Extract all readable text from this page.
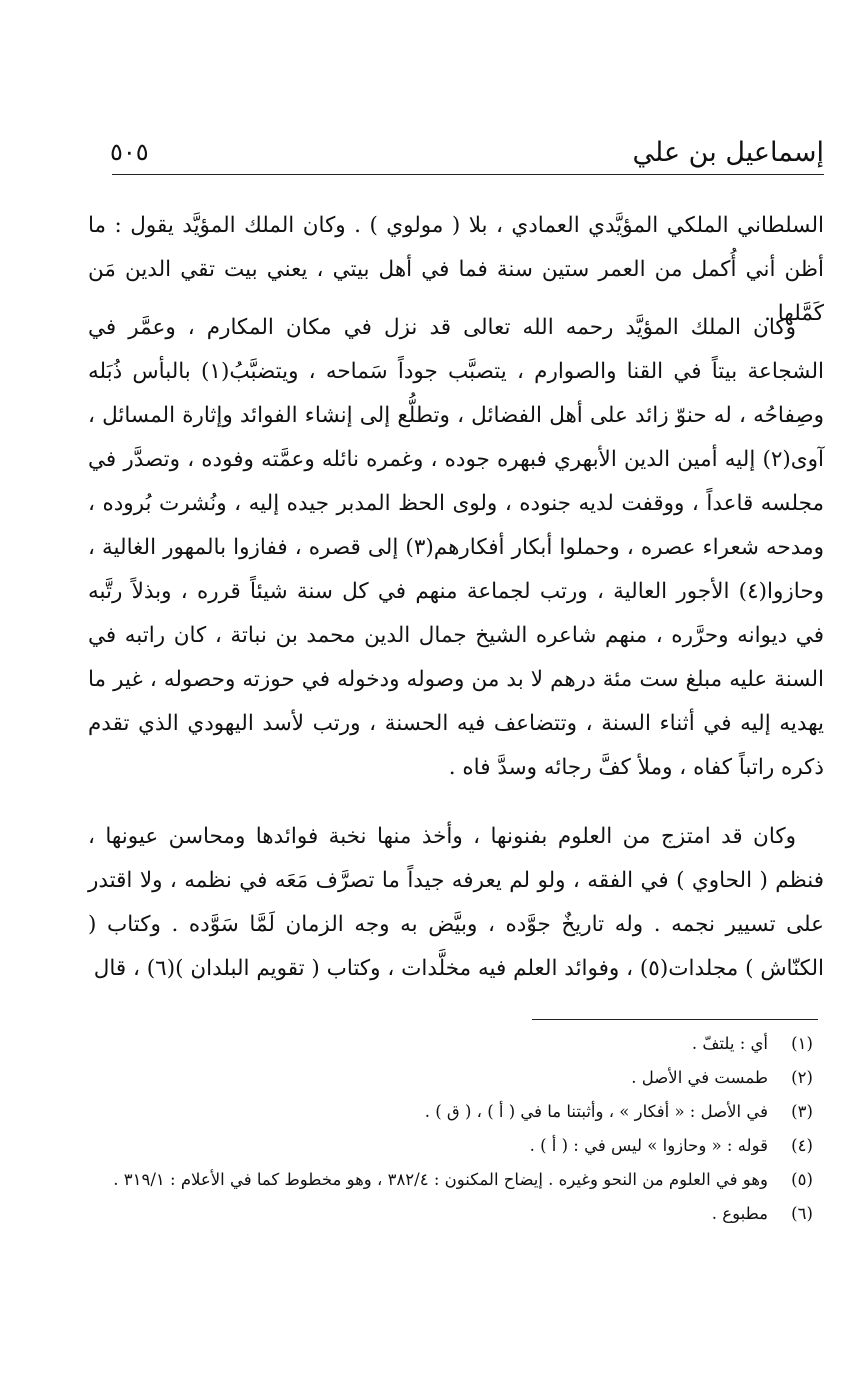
إسماعيل بن علي
٥٠٥

السلطاني الملكي المؤيَّدي العمادي ، بلا ( مولوي ) . وكان الملك المؤيَّد يقول : ما أظن أني أُكمل من العمر ستين سنة فما في أهل بيتي ، يعني بيت تقي الدين مَن كَمَّلها .

وكان الملك المؤيَّد رحمه الله تعالى قد نزل في مكان المكارم ، وعمَّر في الشجاعة بيتاً في القنا والصوارم ، يتصبَّب جوداً سَماحه ، ويتضبَّبُ(١) بالبأس ذُبَله وصِفاحُه ، له حنوّ زائد على أهل الفضائل ، وتطلُّع إلى إنشاء الفوائد وإثارة المسائل ، آوى(٢) إليه أمين الدين الأبهري فبهره جوده ، وغمره نائله وعمَّته وفوده ، وتصدَّر في مجلسه قاعداً ، ووقفت لديه جنوده ، ولوى الحظ المدبر جيده إليه ، ونُشرت بُروده ، ومدحه شعراء عصره ، وحملوا أبكار أفكارهم(٣) إلى قصره ، ففازوا بالمهور الغالية ، وحازوا(٤) الأجور العالية ، ورتب لجماعة منهم في كل سنة شيئاً قرره ، وبذلاً رتَّبه في ديوانه وحرَّره ، منهم شاعره الشيخ جمال الدين محمد بن نباتة ، كان راتبه في السنة عليه مبلغ ست مئة درهم لا بد من وصوله ودخوله في حوزته وحصوله ، غير ما يهديه إليه في أثناء السنة ، وتتضاعف فيه الحسنة ، ورتب لأسد اليهودي الذي تقدم ذكره راتباً كفاه ، وملأ كفَّ رجائه وسدَّ فاه .

وكان قد امتزج من العلوم بفنونها ، وأخذ منها نخبة فوائدها ومحاسن عيونها ، فنظم ( الحاوي ) في الفقه ، ولو لم يعرفه جيداً ما تصرَّف مَعَه في نظمه ، ولا اقتدر على تسيير نجمه . وله تاريخٌ جوَّده ، وبيَّض به وجه الزمان لَمَّا سَوَّده . وكتاب ( الكنّاش ) مجلدات(٥) ، وفوائد العلم فيه مخلَّدات ، وكتاب ( تقويم البلدان )(٦) ، قال

(١)
أي : يلتفّ .
(٢)
طمست في الأصل .
(٣)
في الأصل : « أفكار » ، وأثبتنا ما في ( أ ) ، ( ق ) .
(٤)
قوله : « وحازوا » ليس في : ( أ ) .
(٥)
وهو في العلوم من النحو وغيره . إيضاح المكنون : ٣٨٢/٤ ، وهو مخطوط كما في الأعلام : ٣١٩/١ .
(٦)
مطبوع .
